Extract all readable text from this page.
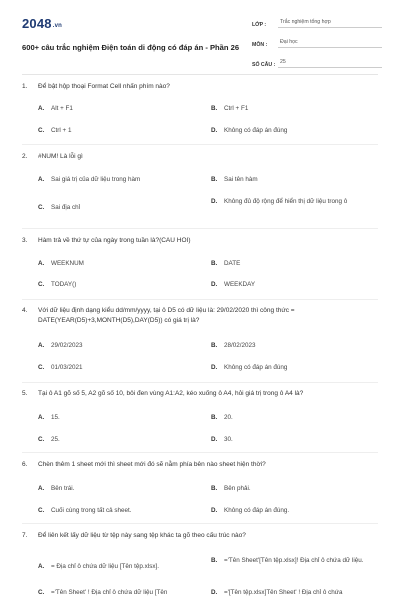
2048.vn
600+ câu trắc nghiệm Điện toán di động có đáp án - Phần 26
LỚP :	Trắc nghiệm tổng hợp
MÔN :	Đại học
SỐ CÂU : 25
1.	Để bật hộp thoại Format Cell nhấn phím nào?
A.	Alt + F1	B.	Ctrl + F1
C.	Ctrl + 1	D.	Không có đáp án đúng
2.	#NUM! Là lỗi gì
A.	Sai giá trị của dữ liệu trong hàm	B.	Sai tên hàm
C.	Sai địa chỉ
D.	Không đủ độ rộng để hiển thị dữ liệu trong ô
3.	Hàm trả về thứ tự của ngày trong tuần là?(CAU HOI)
A.	WEEKNUM	B.	DATE
C.	TODAY()	D.	WEEKDAY
4.	Với dữ liệu định dạng kiểu dd/mm/yyyy, tại ô D5 có dữ liệu là: 29/02/2020 thì công thức = DATE(YEAR(D5)+3,MONTH(D5),DAY(D5)) có giá trị là?
A.	29/02/2023	B.	28/02/2023
C.	01/03/2021	D.	Không có đáp án đúng
5.	Tại ô A1 gõ số 5, A2 gõ số 10, bôi đen vùng A1:A2, kéo xuống ô A4, hỏi giá trị trong ô A4 là?
A.	15.	B.	20.
C.	25.	D.	30.
6.	Chèn thêm 1 sheet mới thì sheet mới đó sẽ nằm phía bên nào sheet hiện thời?
A.	Bên trái.	B.	Bên phải.
C.	Cuối cùng trong tất cả sheet.	D.	Không có đáp án đúng.
7.	Để liên kết lấy dữ liệu từ tệp này sang tệp khác ta gõ theo cấu trúc nào?
A.	= Địa chỉ ô chứa dữ liệu [Tên tệp.xlsx].
B.	='Tên Sheet'[Tên tệp.xlsx]! Địa chỉ ô chứa dữ liệu.
C.	='Tên Sheet' ! Địa chỉ ô chứa dữ liệu [Tên	D.	='[Tên tệp.xlsx]Tên Sheet' ! Địa chỉ ô chứa
